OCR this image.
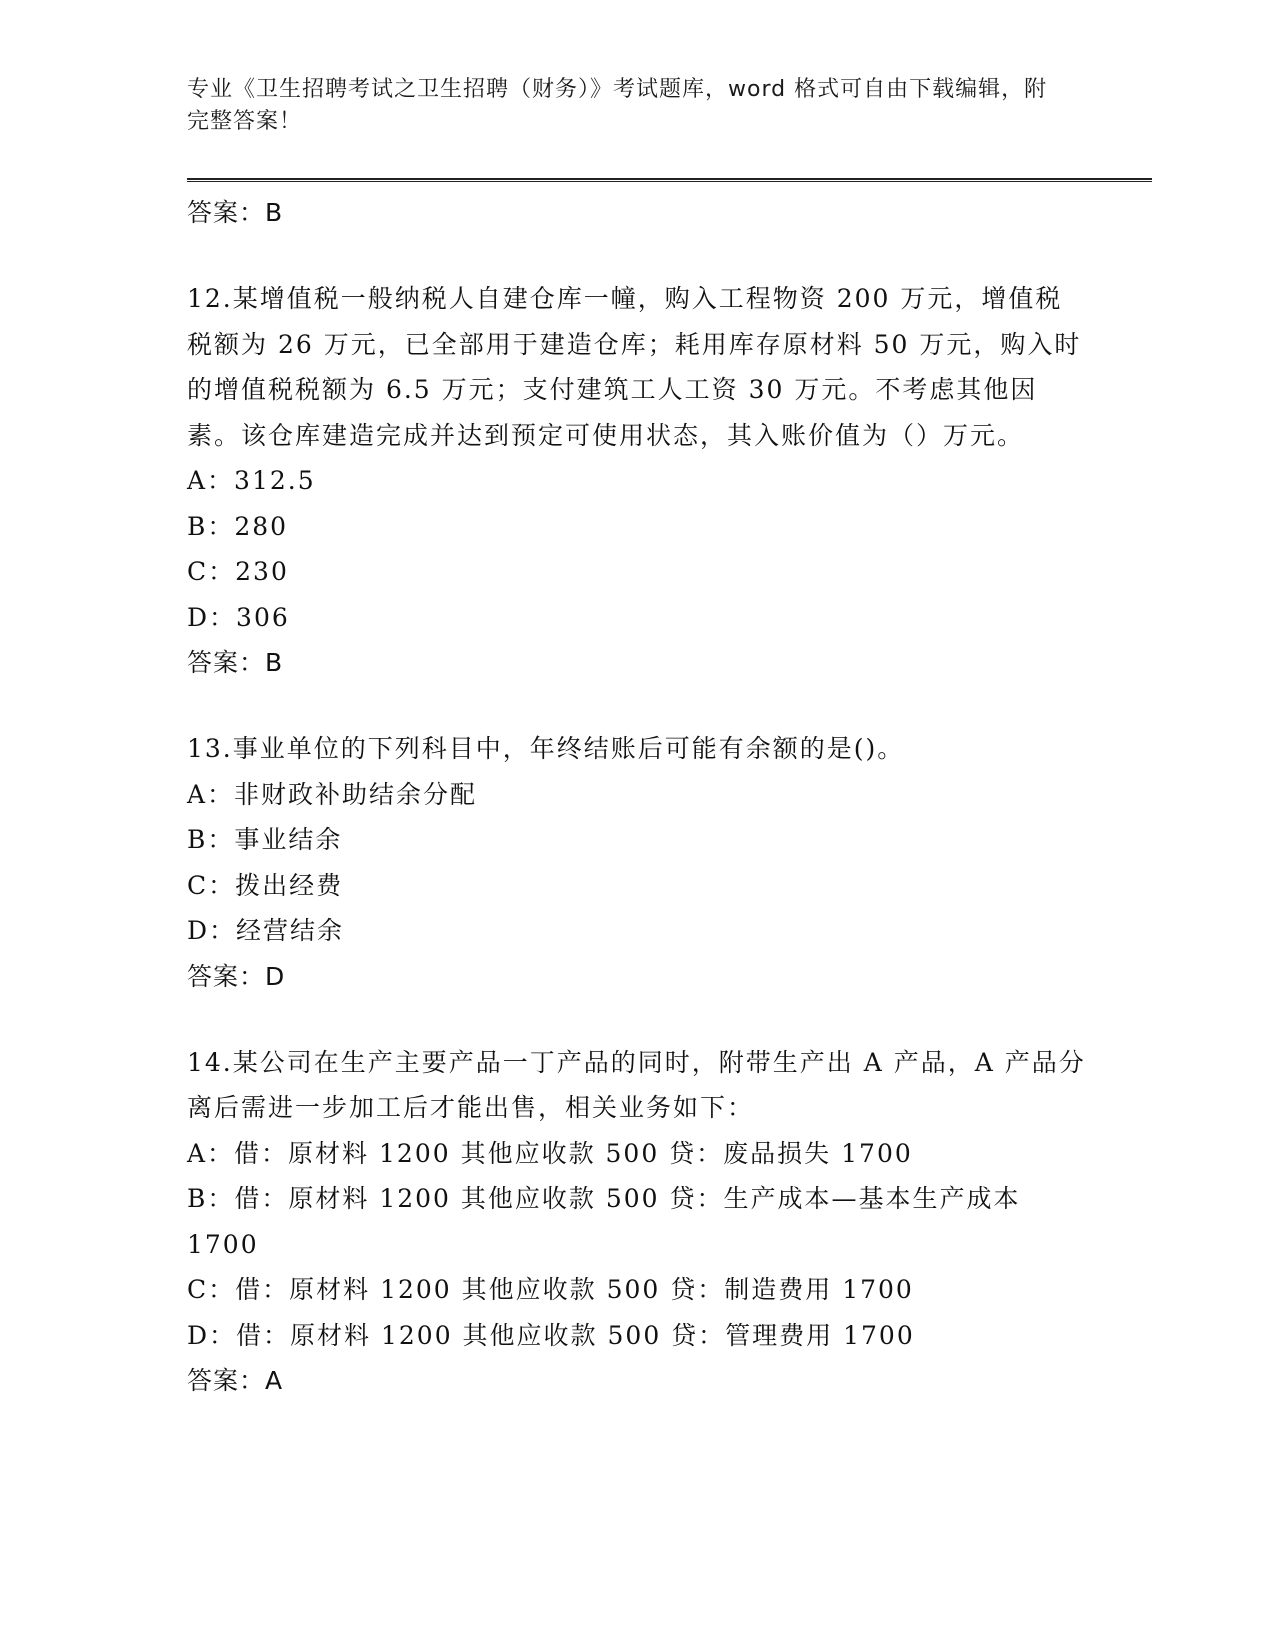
专业《卫生招聘考试之卫生招聘（财务）》考试题库，word 格式可自由下载编辑，附完整答案！
答案：B

12.某增值税一般纳税人自建仓库一幢，购入工程物资 200 万元，增值税税额为 26 万元，已全部用于建造仓库；耗用库存原材料 50 万元，购入时的增值税税额为 6.5 万元；支付建筑工人工资 30 万元。不考虑其他因素。该仓库建造完成并达到预定可使用状态，其入账价值为（）万元。

A：312.5

B：280

C：230

D：306

答案：B

13.事业单位的下列科目中，年终结账后可能有余额的是()。

A：非财政补助结余分配

B：事业结余

C：拨出经费

D：经营结余

答案：D

14.某公司在生产主要产品一丁产品的同时，附带生产出 A 产品，A 产品分离后需进一步加工后才能出售，相关业务如下：

A：借：原材料 1200 其他应收款 500 贷：废品损失 1700

B：借：原材料 1200 其他应收款 500 贷：生产成本—基本生产成本 1700

C：借：原材料 1200 其他应收款 500 贷：制造费用 1700

D：借：原材料 1200 其他应收款 500 贷：管理费用 1700

答案：A
